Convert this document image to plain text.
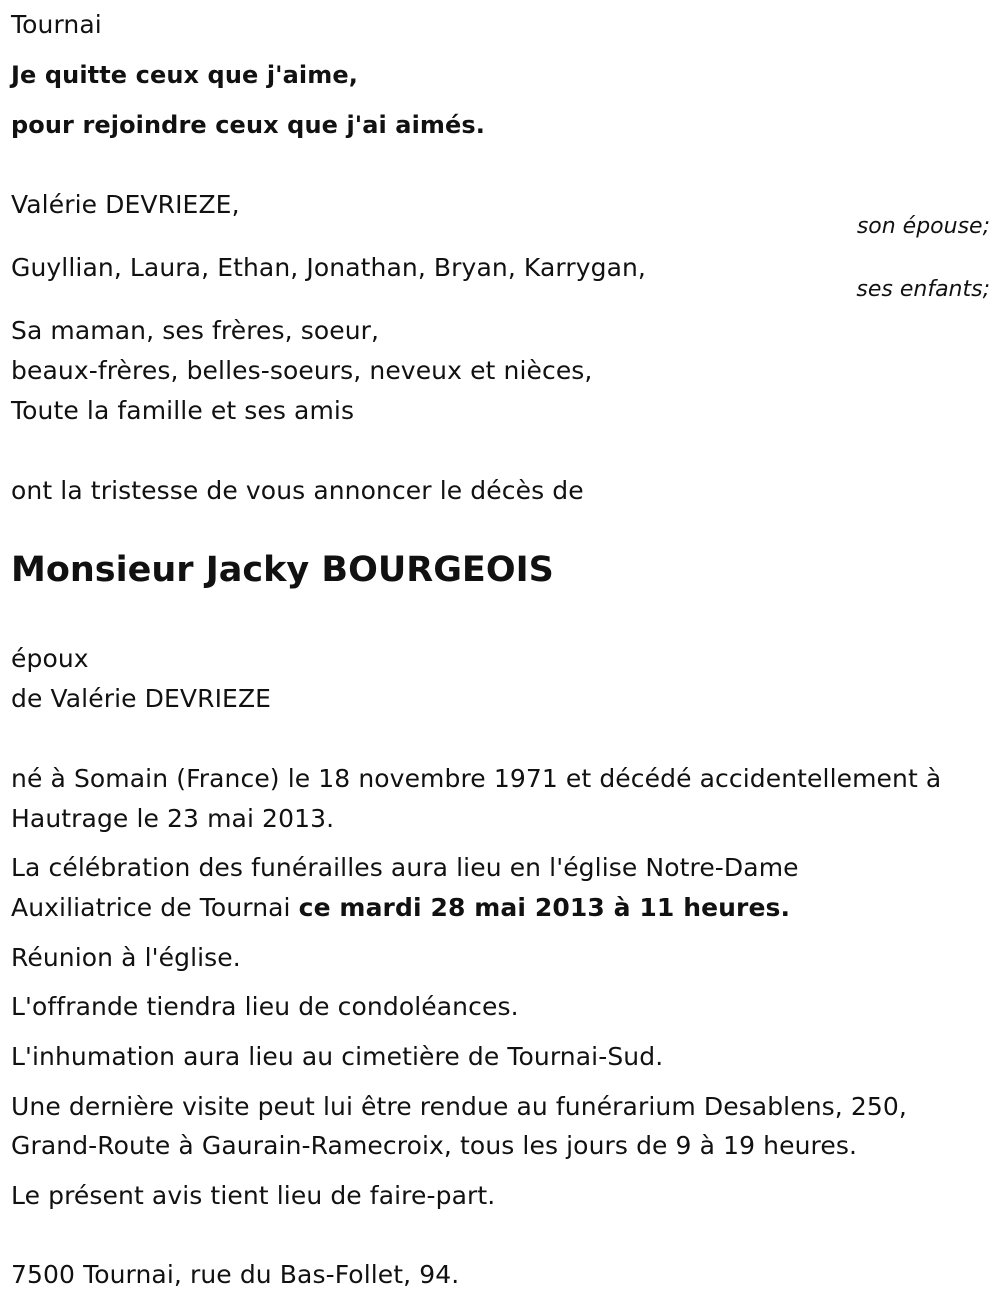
Tournai
Je quitte ceux que j'aime,
pour rejoindre ceux que j'ai aimés.
Valérie DEVRIEZE,
son épouse;
Guyllian, Laura, Ethan, Jonathan, Bryan, Karrygan,
ses enfants;
Sa maman, ses frères, soeur,
beaux-frères, belles-soeurs, neveux et nièces,
Toute la famille et ses amis
ont la tristesse de vous annoncer le décès de
Monsieur Jacky BOURGEOIS
époux
de Valérie DEVRIEZE
né à Somain (France) le 18 novembre 1971 et décédé accidentellement à
Hautrage le 23 mai 2013.
La célébration des funérailles aura lieu en l'église Notre-Dame
Auxiliatrice de Tournai ce mardi 28 mai 2013 à 11 heures.
Réunion à l'église.
L'offrande tiendra lieu de condoléances.
L'inhumation aura lieu au cimetière de Tournai-Sud.
Une dernière visite peut lui être rendue au funérarium Desablens, 250,
Grand-Route à Gaurain-Ramecroix, tous les jours de 9 à 19 heures.
Le présent avis tient lieu de faire-part.
7500 Tournai, rue du Bas-Follet, 94.
